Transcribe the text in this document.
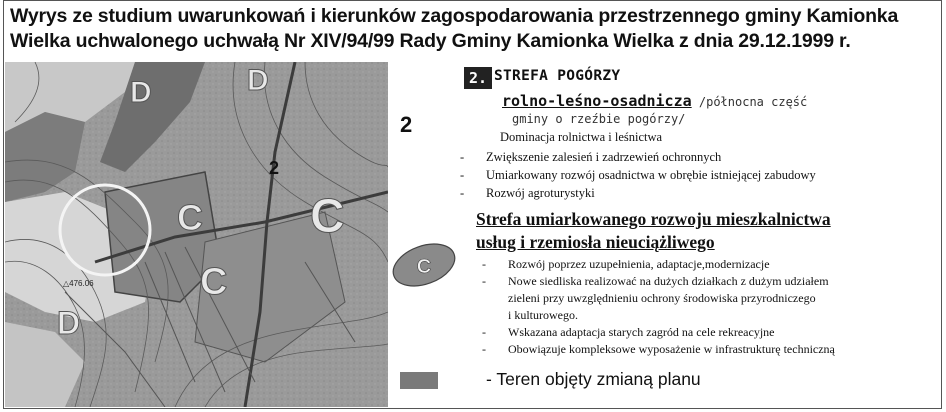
Wyrys ze studium uwarunkowań i kierunków zagospodarowania przestrzennego gminy Kamionka
Wielka uchwalonego uchwałą Nr XIV/94/99 Rady Gminy Kamionka Wielka z dnia 29.12.1999 r.
D	D
C C
C
D
2
△476.06
2
2. STREFA POGÓRZY
rolno-leśno-osadnicza /północna część
gminy o rzeźbie pogórzy/
Dominacja rolnictwa i leśnictwa
- Zwiększenie zalesień i zadrzewień ochronnych
- Umiarkowany rozwój osadnictwa w obrębie istniejącej zabudowy
- Rozwój agroturystyki
Strefa umiarkowanego rozwoju mieszkalnictwa
usług i rzemiosła nieuciążliwego
C	- Rozwój poprzez uzupełnienia, adaptacje,modernizacje
- Nowe siedliska realizować na dużych działkach z dużym udziałem
zieleni przy uwzględnieniu ochrony środowiska przyrodniczego
i kulturowego.
- Wskazana adaptacja starych zagród na cele rekreacyjne
- Obowiązuje kompleksowe wyposażenie w infrastrukturę techniczną
- Teren objęty zmianą planu
